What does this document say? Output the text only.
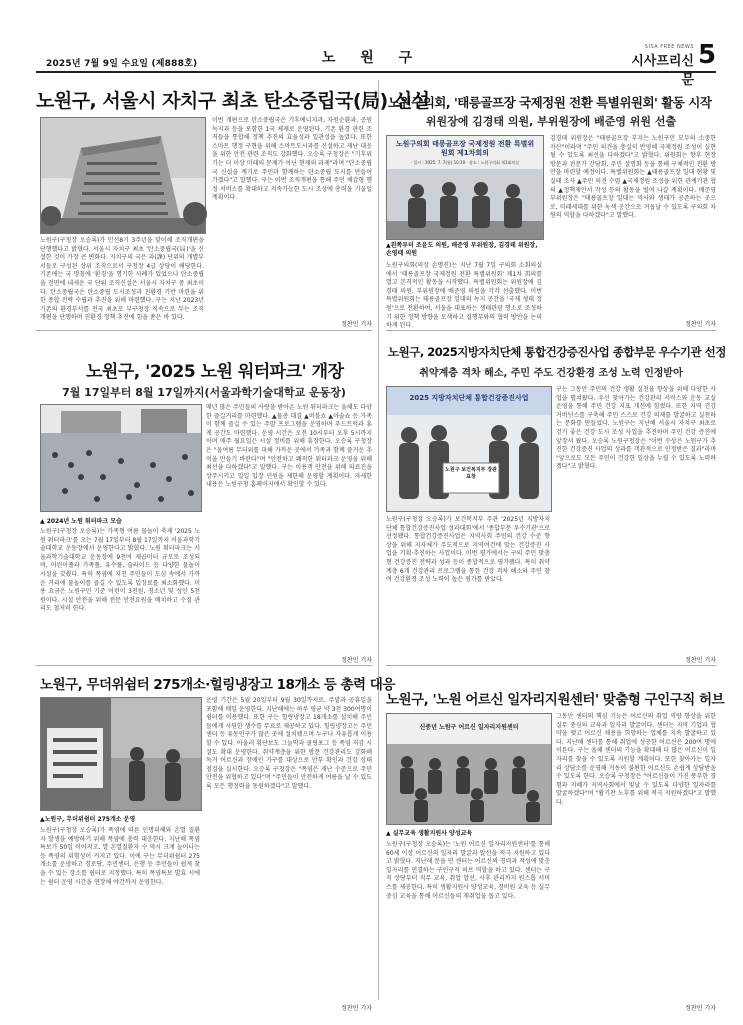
2025년 7월 9일 수요일 (제888호)	노 원 구
SISA FREE NEWS
시사프리신문
5
노원구, 서울시 자치구 최초 탄소중립국(局) 신설
노원구(구청장 오승록)가 민선8기 3주년을 맞이해 조직개편을 단행했다고 밝혔다. 서울시 자치구 최초 '탄소중립국(局)'을 신설한 것이 가장 큰 변화다. 자치구의 국은 과(課) 단위의 개별부서들로 구성된 상위 조직으로서 구청장 4급 상당이 해당한다. 기존에는 국 명칭에 '환경'을 명기한 사례가 있었으나 탄소중립을 전면에 내세운 국 단위 조직신설은 서울시 자치구 중 최초이다. 탄소중립국은 탄소중립 도시조성과 친환경 기반 마련을 위한 종합 전략 수립과 추진을 위해 마련했다. 구는 지난 2023년 기존의 환경부서를 전국 최초로 부구청장 직속으로 두는 조직개편을 단행하며 친환경 정책 추진에 힘을 쏟은 바 있다.
이번 개편으로 탄소중립국은 기후에너지과, 자원순환과, 공원녹지과 등을 포함한 1국 체제로 운영된다. 기존 환경 관련 조직들을 통합해 정책 추진의 효율성과 일관성을 높였다. 또한 스마트 행정 구현을 위해 스마트도시과를 신설하고 재난 대응을 위한 안전 관련 조직도 강화했다. 오승록 구청장은 "기후위기는 더 이상 미래의 문제가 아닌 현재의 과제"라며 "탄소중립국 신설을 계기로 주민과 함께하는 탄소중립 도시를 만들어 가겠다"고 말했다. 구는 이번 조직개편을 통해 주민 체감형 행정 서비스를 확대하고 지속가능한 도시 조성에 총력을 기울일 계획이다.
정찬민 기자
노원구의회, '태릉골프장 국제정원 전환 특별위원회' 활동 시작
위원장에 김경태 의원, 부위원장에 배준영 위원 선출
노원구의회 태릉골프장 국제정원 전환 특별위원회 제1차회의
· 일시 : 2025. 7. 7(월) 10:30 · 장소 : 노원구의회 제1회의실
▲왼쪽부터 조윤도 의원, 배준영 부위원장, 김경태 위원장, 손영태 의원
노원구의회(의장 손명진)는 지난 7월 7일 구의회 소회의실에서 '태릉골프장 국제정원 전환 특별위원회' 제1차 회의를 열고 본격적인 활동을 시작했다. 특별위원회는 위원장에 김경태 의원, 부위원장에 배준영 의원을 각각 선출했다. 이번 특별위원회는 태릉골프장 일대의 녹지 공간을 '국제 생태 정원'으로 전환하여, 서울을 대표하는 생태관광 명소로 조성하기 위한 정책 방향을 모색하고 집행부와의 협력 방안을 논의하게 된다.
김경태 위원장은 "태릉골프장 부지는 노원구민 모두의 소중한 자산"이라며 "주민 의견을 충실히 반영해 국제정원 조성이 실현될 수 있도록 최선을 다하겠다"고 밝혔다. 위원회는 향후 현장 방문과 전문가 간담회, 주민 설명회 등을 통해 구체적인 전환 방안을 마련할 예정이다. 특별위원회는 ▲태릉골프장 일대 현황 및 실태 조사 ▲주민 의견 수렴 ▲국제정원 조성을 위한 관계기관 협의 ▲정책제안서 작성 등의 활동을 벌여 나갈 계획이다. 배준영 부위원장은 "태릉골프장 일대는 역사와 생태가 공존하는 곳으로, 미래세대를 위한 녹색 공간으로 거듭날 수 있도록 구의회 차원의 역할을 다하겠다"고 말했다.
정찬민 기자
노원구, '2025 노원 워터파크' 개장
7월 17일부터 8월 17일까지(서울과학기술대학교 운동장)
▲ 2024년 노원 워터파크 모습
노원구(구청장 오승록)는 가족형 여름 물놀이 축제 '2025 노원 워터파크'를 오는 7월 17일부터 8월 17일까지 서울과학기술대학교 운동장에서 운영한다고 밝혔다. 노원 워터파크는 서울과학기술대학교 운동장에 9천여 제곱미터 규모로 조성되며, 어린이풀과 가족풀, 유수풀, 슬라이드 등 다양한 물놀이 시설을 갖췄다. 특히 폭염에 지친 주민들이 도심 속에서 가까운 거리에 물놀이를 즐길 수 있도록 입장료를 최소화했다. 이용 요금은 노원구민 기준 어린이 3천원, 청소년 및 성인 5천원이다. 시설 안전을 위해 전문 안전요원을 배치하고 수질 관리도 철저히 한다.
매년 많은 주민들의 사랑을 받아온 노원 워터파크는 올해도 다양한 즐길거리를 마련했다. ▲물총 대결 ▲버블쇼 ▲마술쇼 등 가족이 함께 즐길 수 있는 주말 프로그램을 운영하며 푸드트럭과 휴게 공간도 마련했다. 운영 시간은 오전 10시부터 오후 5시까지이며 매주 월요일은 시설 정비를 위해 휴장한다. 오승록 구청장은 "올여름 무더위를 피해 가까운 곳에서 가족과 함께 즐거운 추억을 만들기 바란다"며 "안전하고 쾌적한 워터파크 운영을 위해 최선을 다하겠다"고 말했다. 구는 이용객 안전을 위해 의료진을 상주시키고 일일 입장 인원을 제한해 운영할 계획이다. 자세한 내용은 노원구청 홈페이지에서 확인할 수 있다.
정찬민 기자
노원구, 2025지방자치단체 통합건강증진사업 종합부문 우수기관 선정
취약계층 격차 해소, 주민 주도 건강환경 조성 노력 인정받아
2025 지방자치단체 통합건강증진사업
노원구 보건복지부 장관 표창
노원구(구청장 오승록)가 보건복지부 주관 '2025년 지방자치단체 통합건강증진사업 성과대회'에서 '종합부문 우수기관'으로 선정됐다. 통합건강증진사업은 지역사회 주민의 건강 수준 향상을 위해 지자체가 주도적으로 지역여건에 맞는 건강증진 사업을 기획·추진하는 사업이다. 이번 평가에서는 구의 주민 맞춤형 건강증진 전략과 성과 등이 종합적으로 평가됐다. 특히 취약계층 6개 건강관리 프로그램을 통한 건강 격차 해소와 주민 참여 건강환경 조성 노력이 높은 평가를 받았다.
구는 그동안 주민의 건강 생활 실천율 향상을 위해 다양한 사업을 펼쳐왔다. 우선 찾아가는 건강관리 서비스와 운동 교실 운영을 통해 주민 건강 지표 개선에 힘썼다. 또한 지역 건강 거버넌스를 구축해 주민 스스로 건강 의제를 발굴하고 실천하는 문화를 만들었다. 노원구는 지난해 서울시 자치구 최초로 걷기 좋은 건강 도시 조성 사업을 추진하며 주민 건강 증진에 앞장서 왔다. 오승록 노원구청장은 "이번 수상은 노원구가 추진한 건강증진 사업의 성과를 객관적으로 인정받은 결과"라며 "앞으로도 모든 주민이 건강한 일상을 누릴 수 있도록 노력하겠다"고 밝혔다.
정찬민 기자
노원구, 무더위쉼터 275개소·힐링냉장고 18개소 등 총력 대응
▲노원구, 무더위쉼터 275개소 운영
노원구(구청장 오승록)가 폭염에 따른 인명피해와 온열 질환자 발생을 예방하기 위해 폭염에 총력 대응한다. 지난해 폭염특보가 50일 이어지고, 열 온열질환자 수 역시 크게 늘어나는 등 폭염의 위험성이 커지고 있다. 이에 구는 무더위쉼터 275개소를 운영하고 경로당, 주민센터, 은행 등 주민들이 쉽게 찾을 수 있는 장소를 쉼터로 지정했다. 특히 폭염특보 발효 시에는 쉼터 운영 시간을 연장해 야간까지 운영한다.
운영 기간은 5월 20일부터 9월 30일까지로, 주말과 공휴일을 포함해 매일 운영한다. 지난해에는 하루 평균 약 3천 300여명이 쉼터를 이용했다. 또한 구는 힐링냉장고 18개소를 설치해 주민들에게 시원한 생수를 무료로 제공하고 있다. 힐링냉장고는 주민센터 등 유동인구가 많은 곳에 설치됐으며 누구나 자유롭게 이용할 수 있다. 아울러 횡단보도 그늘막과 쿨링포그 등 폭염 저감 시설도 확대 운영한다. 취약계층을 위한 방문 건강관리도 강화해 독거 어르신과 장애인 가구를 대상으로 안부 확인과 건강 상태 점검을 실시한다. 오승록 구청장은 "폭염은 재난 수준으로 주민 안전을 위협하고 있다"며 "주민들이 안전하게 여름을 날 수 있도록 모든 행정력을 동원하겠다"고 말했다.
정찬민 기자
노원구, '노원 어르신 일자리지원센터' 맞춤형 구인구직 허브
신중년 노원구 어르신 일자리지원센터
▲ 실무교육 생활지원사 양성교육
노원구(구청장 오승록)는 '노원 어르신 일자리지원센터'를 통해 60세 이상 어르신의 일자리 발굴과 알선을 적극 지원하고 있다고 밝혔다. 지난해 문을 연 센터는 어르신의 경력과 적성에 맞춘 일자리를 연결하는 구인구직 허브 역할을 하고 있다. 센터는 구직 상담부터 직무 교육, 취업 알선, 사후 관리까지 원스톱 서비스를 제공한다. 특히 생활지원사 양성교육, 경비원 교육 등 실무 중심 교육을 통해 어르신들의 재취업을 돕고 있다.
그동안 센터의 핵심 기능은 어르신의 취업 역량 향상을 위한 실무 중심의 교육과 일자리 발굴이다. 센터는 지역 기업과 협약을 맺고 어르신 채용을 희망하는 업체를 지속 발굴하고 있다. 지난해 센터를 통해 취업에 성공한 어르신은 200여 명에 이른다. 구는 올해 센터의 기능을 확대해 더 많은 어르신이 일자리를 찾을 수 있도록 지원할 계획이다. 또한 찾아가는 일자리 상담소를 운영해 거동이 불편한 어르신도 손쉽게 상담받을 수 있도록 한다. 오승록 구청장은 "어르신들이 가진 풍부한 경험과 지혜가 지역사회에서 빛날 수 있도록 다양한 일자리를 발굴하겠다"며 "활기찬 노후를 위해 적극 지원하겠다"고 말했다.
정찬민 기자
